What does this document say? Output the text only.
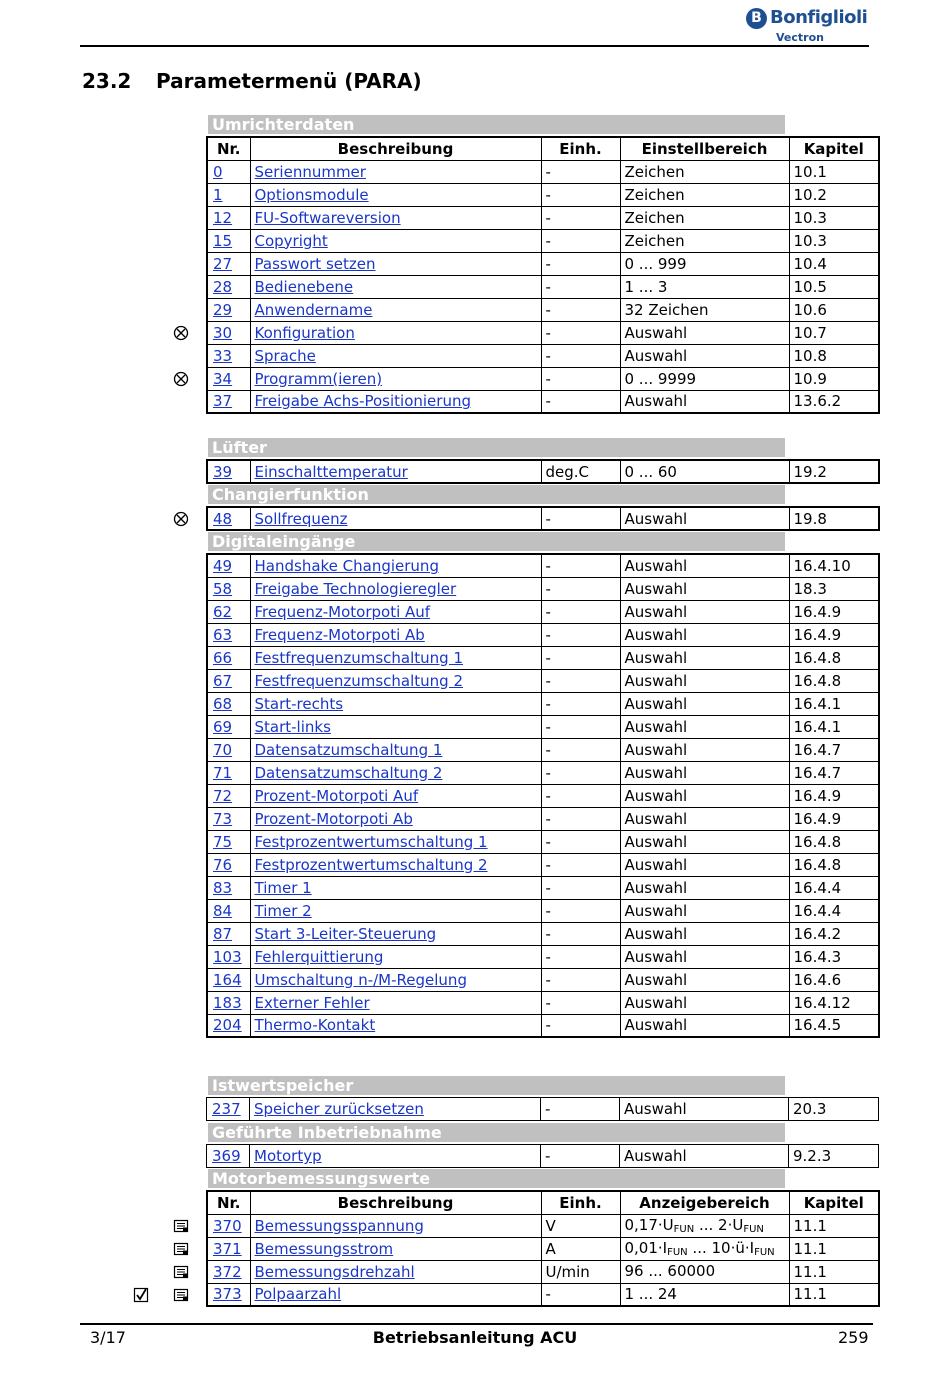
B Bonfiglioli
Vectron
23.2 Parametermenü (PARA)
Umrichterdaten
Nr.	Beschreibung	Einh.	Einstellbereich	Kapitel
0	Seriennummer	-	Zeichen	10.1
1	Optionsmodule	-	Zeichen	10.2
12	FU-Softwareversion	-	Zeichen	10.3
15	Copyright	-	Zeichen	10.3
27	Passwort setzen	-	0 ... 999	10.4
28	Bedienebene	-	1 ... 3	10.5
29	Anwendername	-	32 Zeichen	10.6
30	Konfiguration	-	Auswahl	10.7
33	Sprache	-	Auswahl	10.8
34	Programm(ieren)	-	0 ... 9999	10.9
37	Freigabe Achs-Positionierung	-	Auswahl	13.6.2
Lüfter
39	Einschalttemperatur	deg.C	0 ... 60	19.2
Changierfunktion
48	Sollfrequenz	-	Auswahl	19.8
Digitaleingänge
49	Handshake Changierung	-	Auswahl	16.4.10
58	Freigabe Technologieregler	-	Auswahl	18.3
62	Frequenz-Motorpoti Auf	-	Auswahl	16.4.9
63	Frequenz-Motorpoti Ab	-	Auswahl	16.4.9
66	Festfrequenzumschaltung 1	-	Auswahl	16.4.8
67	Festfrequenzumschaltung 2	-	Auswahl	16.4.8
68	Start-rechts	-	Auswahl	16.4.1
69	Start-links	-	Auswahl	16.4.1
70	Datensatzumschaltung 1	-	Auswahl	16.4.7
71	Datensatzumschaltung 2	-	Auswahl	16.4.7
72	Prozent-Motorpoti Auf	-	Auswahl	16.4.9
73	Prozent-Motorpoti Ab	-	Auswahl	16.4.9
75	Festprozentwertumschaltung 1	-	Auswahl	16.4.8
76	Festprozentwertumschaltung 2	-	Auswahl	16.4.8
83	Timer 1	-	Auswahl	16.4.4
84	Timer 2	-	Auswahl	16.4.4
87	Start 3-Leiter-Steuerung	-	Auswahl	16.4.2
103	Fehlerquittierung	-	Auswahl	16.4.3
164	Umschaltung n-/M-Regelung	-	Auswahl	16.4.6
183	Externer Fehler	-	Auswahl	16.4.12
204	Thermo-Kontakt	-	Auswahl	16.4.5
Istwertspeicher
237	Speicher zurücksetzen	-	Auswahl	20.3
Geführte Inbetriebnahme
369	Motortyp	-	Auswahl	9.2.3
Motorbemessungswerte
Nr.	Beschreibung	Einh.	Anzeigebereich	Kapitel
370	Bemessungsspannung	V	$0,17\cdot U_{FUN}$ ... $2\cdot U_{FUN}$	11.1
371	Bemessungsstrom	A	$0,01\cdot I_{FUN}$ ... $10\cdot ü\cdot I_{FUN}$	11.1
372	Bemessungsdrehzahl	U/min	96 ... 60000	11.1
373	Polpaarzahl	-	1 ... 24	11.1
3/17	Betriebsanleitung ACU	259
